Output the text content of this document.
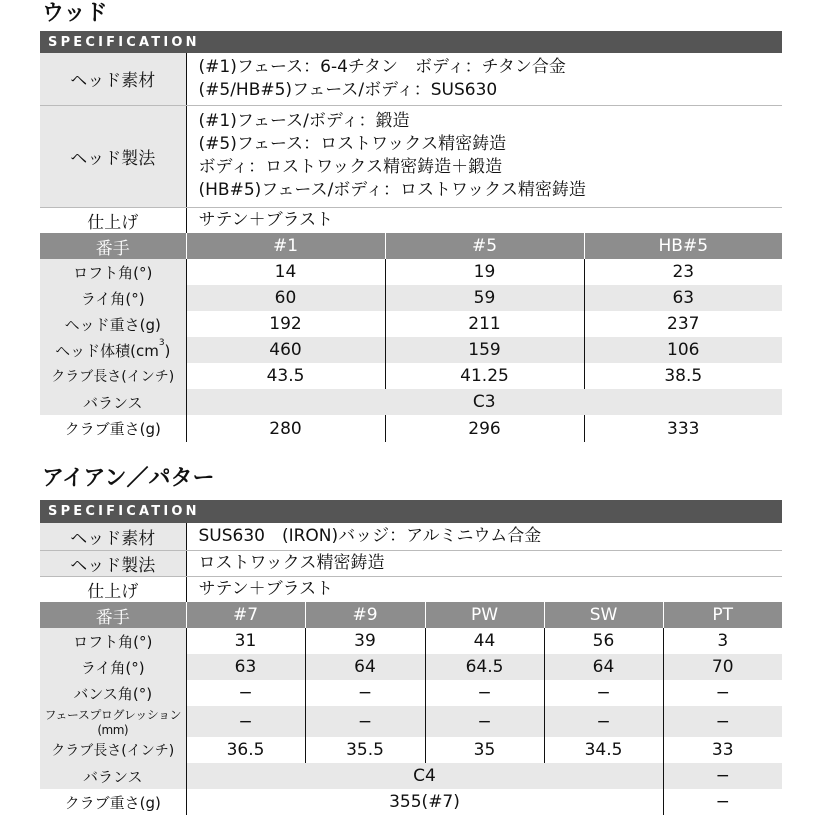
ウッド
SPECIFICATION
ヘッド素材	(#1)フェース：6-4チタン　ボディ：チタン合金
(#5/HB#5)フェース/ボディ：SUS630		

ヘッド製法	(#1)フェース/ボディ：鍛造
(#5)フェース：ロストワックス精密鋳造
ボディ：ロストワックス精密鋳造＋鍛造
(HB#5)フェース/ボディ：ロストワックス精密鋳造		

仕上げ	サテン＋ブラスト		
番手	#1	#5	HB#5
ロフト角(°)	14	19	23
ライ角(°)	60	59	63
ヘッド重さ(g)	192	211	237
ヘッド体積$(cm^3)$	460	159	106
クラブ長さ(インチ)	43.5	41.25	38.5
バランス	C3		
クラブ重さ(g)	280	296	333
アイアン／パター
SPECIFICATION
ヘッド素材	SUS630　(IRON)バッジ：アルミニウム合金				
ヘッド製法	ロストワックス精密鋳造				
仕上げ	サテン＋ブラスト				
番手	#7	#9	PW	SW	PT
ロフト角(°)	31	39	44	56	3
ライ角(°)	63	64	64.5	64	70
バンス角(°)	−	−	−	−	−
フェースプログレッション(mm)	−	−	−	−	−
クラブ長さ(インチ)	36.5	35.5	35	34.5	33
バランス	C4				−
クラブ重さ(g)	355(#7)				−
